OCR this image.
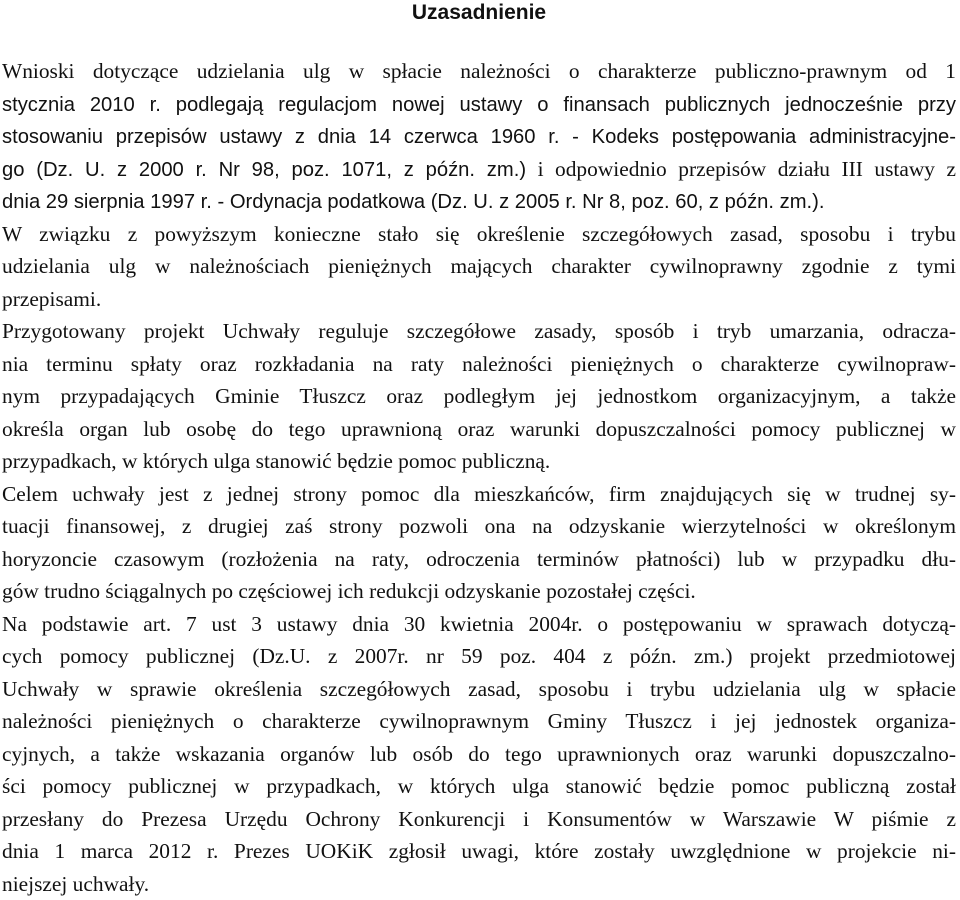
Uzasadnienie
Wnioski dotyczące udzielania ulg w spłacie należności o charakterze publiczno-prawnym od 1
stycznia 2010 r. podlegają regulacjom nowej ustawy o finansach publicznych jednocześnie przy
stosowaniu przepisów ustawy z dnia 14 czerwca 1960 r. - Kodeks postępowania administracyjne-
go (Dz. U. z 2000 r. Nr 98, poz. 1071, z późn. zm.) i odpowiednio przepisów działu III ustawy z
dnia 29 sierpnia 1997 r. - Ordynacja podatkowa (Dz. U. z 2005 r. Nr 8, poz. 60, z późn. zm.).
W związku z powyższym konieczne stało się określenie szczegółowych zasad, sposobu i trybu
udzielania ulg w należnościach pieniężnych mających charakter cywilnoprawny zgodnie z tymi
przepisami.
Przygotowany projekt Uchwały reguluje szczegółowe zasady, sposób i tryb umarzania, odracza-
nia terminu spłaty oraz rozkładania na raty należności pieniężnych o charakterze cywilnopraw-
nym przypadających Gminie Tłuszcz oraz podległym jej jednostkom organizacyjnym, a także
określa organ lub osobę do tego uprawnioną oraz warunki dopuszczalności pomocy publicznej w
przypadkach, w których ulga stanowić będzie pomoc publiczną.
Celem uchwały jest z jednej strony pomoc dla mieszkańców, firm znajdujących się w trudnej sy-
tuacji finansowej, z drugiej zaś strony pozwoli ona na odzyskanie wierzytelności w określonym
horyzoncie czasowym (rozłożenia na raty, odroczenia terminów płatności) lub w przypadku dłu-
gów trudno ściągalnych po częściowej ich redukcji odzyskanie pozostałej części.
Na podstawie art. 7 ust 3 ustawy dnia 30 kwietnia 2004r. o postępowaniu w sprawach dotyczą-
cych pomocy publicznej (Dz.U. z 2007r. nr 59 poz. 404 z późn. zm.) projekt przedmiotowej
Uchwały w sprawie określenia szczegółowych zasad, sposobu i trybu udzielania ulg w spłacie
należności pieniężnych o charakterze cywilnoprawnym Gminy Tłuszcz i jej jednostek organiza-
cyjnych, a także wskazania organów lub osób do tego uprawnionych oraz warunki dopuszczalno-
ści pomocy publicznej w przypadkach, w których ulga stanowić będzie pomoc publiczną został
przesłany do Prezesa Urzędu Ochrony Konkurencji i Konsumentów w Warszawie W piśmie z
dnia 1 marca 2012 r. Prezes UOKiK zgłosił uwagi, które zostały uwzględnione w projekcie ni-
niejszej uchwały.
